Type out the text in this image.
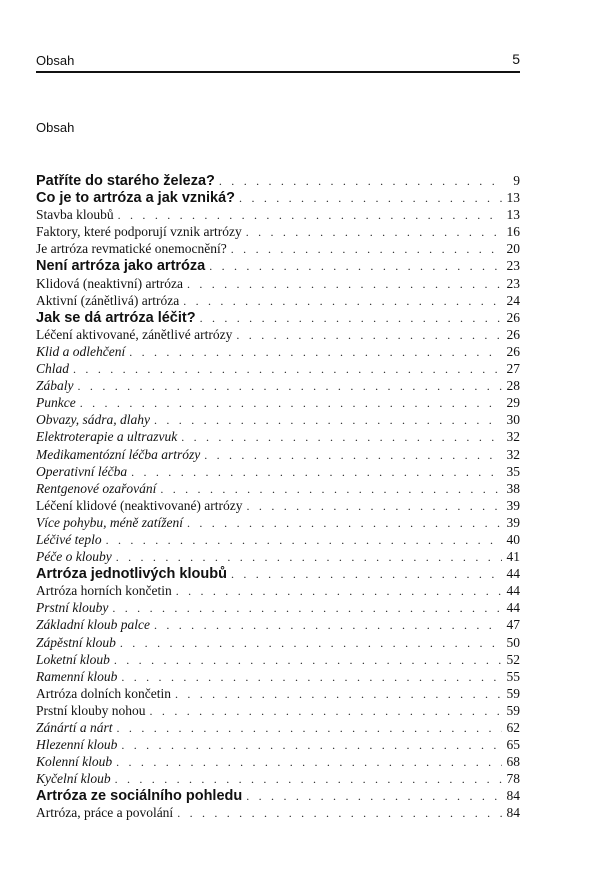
Obsah	5
Obsah
Patříte do starého železa? . . .	9
Co je to artróza a jak vzniká? . . .	13
Stavba kloubů . . .	13
Faktory, které podporují vznik artrózy . . .	16
Je artróza revmatické onemocnění? . . .	20
Není artróza jako artróza . . .	23
Klidová (neaktivní) artróza . . .	23
Aktivní (zánětlivá) artróza . . .	24
Jak se dá artróza léčit? . . .	26
Léčení aktivované, zánětlivé artrózy . . .	26
Klid a odlehčení . . .	26
Chlad . . .	27
Zábaly . . .	28
Punkce . . .	29
Obvazy, sádra, dlahy . . .	30
Elektroterapie a ultrazvuk . . .	32
Medikamentózní léčba artrózy . . .	32
Operativní léčba . . .	35
Rentgenové ozařování . . .	38
Léčení klidové (neaktivované) artrózy . . .	39
Více pohybu, méně zatížení . . .	39
Léčivé teplo . . .	40
Péče o klouby . . .	41
Artróza jednotlivých kloubů . . .	44
Artróza horních končetin . . .	44
Prstní klouby . . .	44
Základní kloub palce . . .	47
Zápěstní kloub . . .	50
Loketní kloub . . .	52
Ramenní kloub . . .	55
Artróza dolních končetin . . .	59
Prstní klouby nohou . . .	59
Zánártí a nárt . . .	62
Hlezenní kloub . . .	65
Kolenní kloub . . .	68
Kyčelní kloub . . .	78
Artróza ze sociálního pohledu . . .	84
Artróza, práce a povolání . . .	84
